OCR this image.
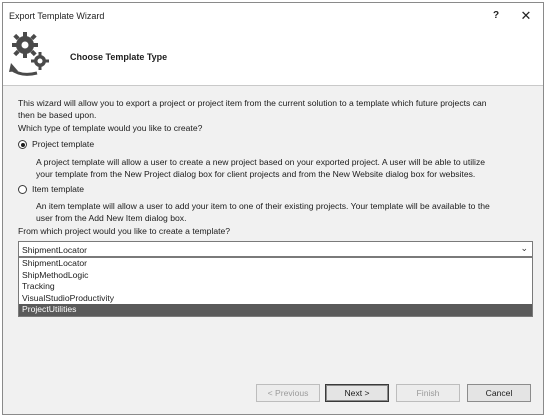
Export Template Wizard	?	✕
Choose Template Type
This wizard will allow you to export a project or project item from the current solution to a template which future projects can
then be based upon.
Which type of template would you like to create?
Project template
A project template will allow a user to create a new project based on your exported project. A user will be able to utilize
your template from the New Project dialog box for client projects and from the New Website dialog box for websites.
Item template
An item template will allow a user to add your item to one of their existing projects. Your template will be available to the
user from the Add New Item dialog box.
From which project would you like to create a template?
ShipmentLocator	⌄
ShipmentLocator
ShipMethodLogic
Tracking
VisualStudioProductivity
ProjectUtilities
< Previous	Next >	Finish	Cancel
